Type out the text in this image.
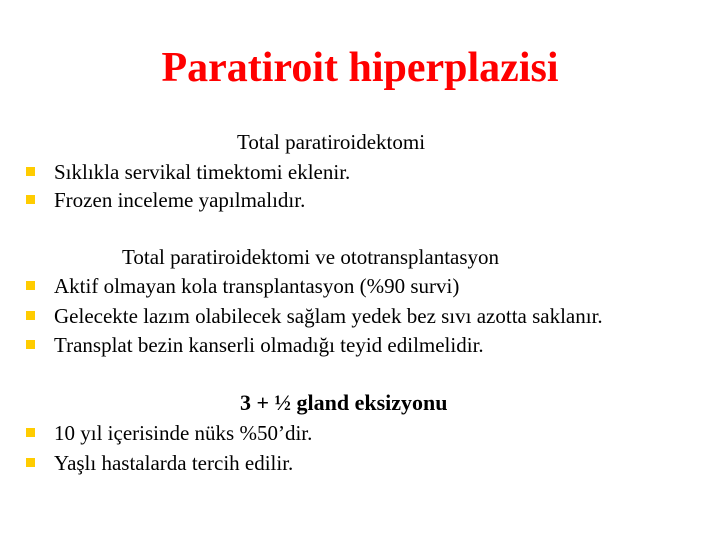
Paratiroit hiperplazisi
Total paratiroidektomi
Sıklıkla servikal timektomi eklenir.
Frozen inceleme yapılmalıdır.
Total paratiroidektomi ve ototransplantasyon
Aktif olmayan kola transplantasyon (%90 survi)
Gelecekte lazım olabilecek sağlam yedek bez sıvı azotta saklanır.
Transplat bezin kanserli olmadığı teyid edilmelidir.
3 + ½ gland eksizyonu
10 yıl içerisinde nüks %50’dir.
Yaşlı hastalarda tercih edilir.
